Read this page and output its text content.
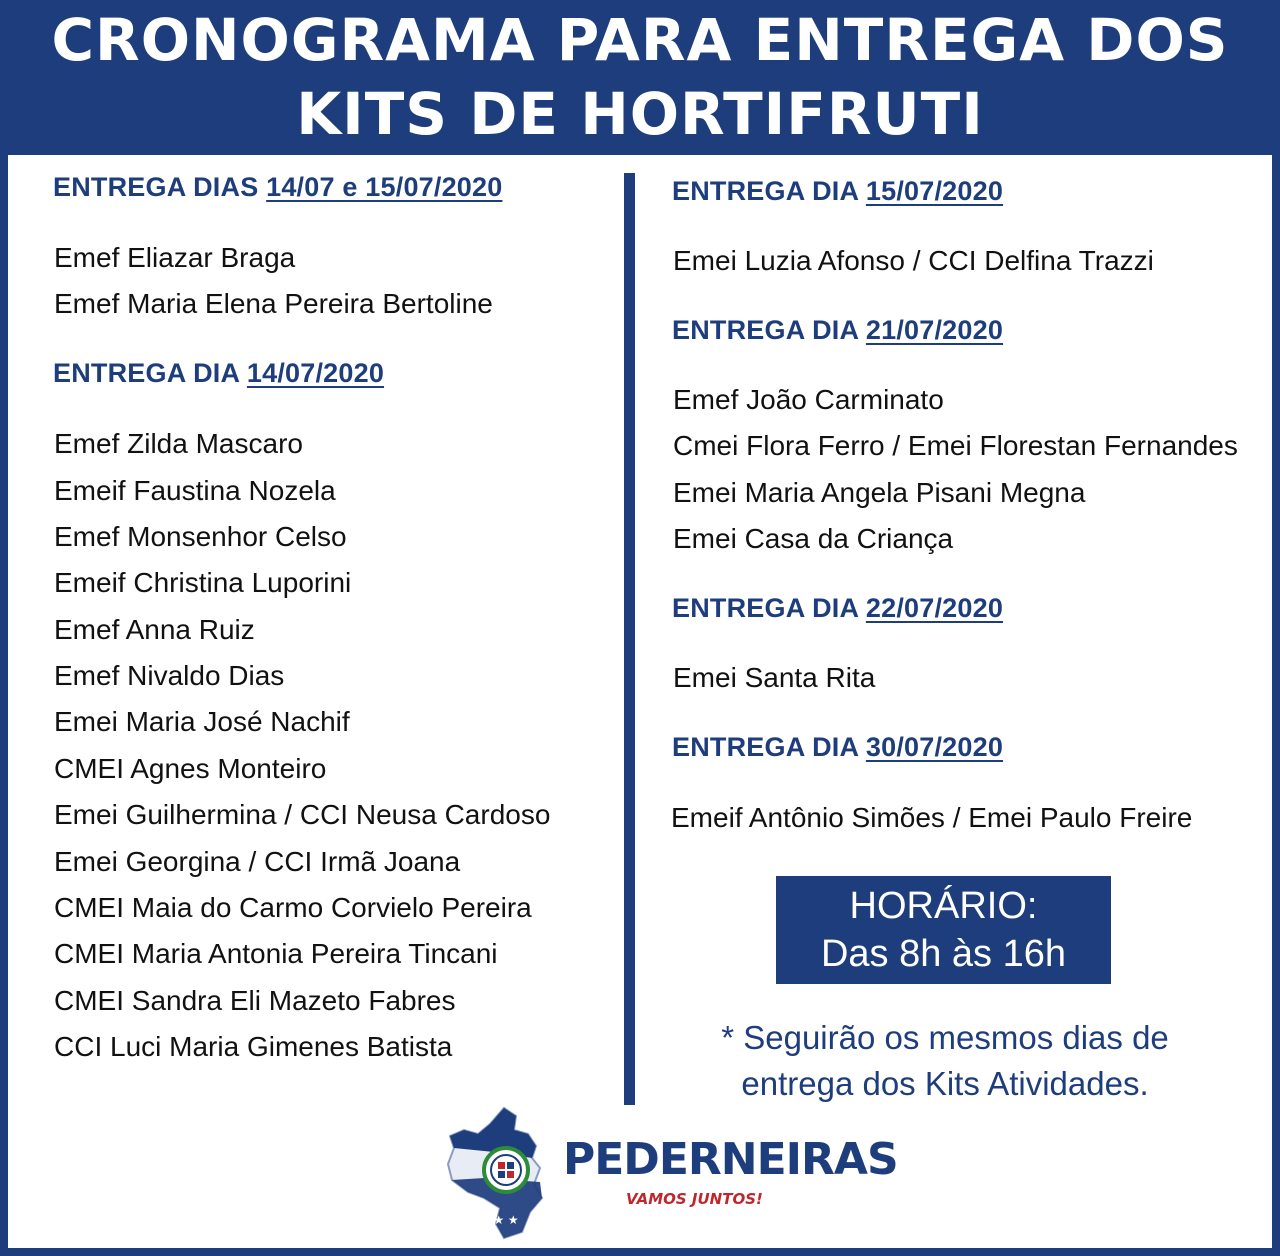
CRONOGRAMA PARA ENTREGA DOS
KITS DE HORTIFRUTI
ENTREGA DIAS 14/07 e 15/07/2020
Emef Eliazar Braga
Emef Maria Elena Pereira Bertoline
ENTREGA DIA 14/07/2020
Emef Zilda Mascaro
Emeif Faustina Nozela
Emef Monsenhor Celso
Emeif Christina Luporini
Emef Anna Ruiz
Emef Nivaldo Dias
Emei Maria José Nachif
CMEI Agnes Monteiro
Emei Guilhermina / CCI Neusa Cardoso
Emei Georgina / CCI Irmã Joana
CMEI Maia do Carmo Corvielo Pereira
CMEI Maria Antonia Pereira Tincani
CMEI Sandra Eli Mazeto Fabres
CCI Luci Maria Gimenes Batista
ENTREGA DIA 15/07/2020
Emei Luzia Afonso / CCI Delfina Trazzi
ENTREGA DIA 21/07/2020
Emef João Carminato
Cmei Flora Ferro / Emei Florestan Fernandes
Emei Maria Angela Pisani Megna
Emei Casa da Criança
ENTREGA DIA 22/07/2020
Emei Santa Rita
ENTREGA DIA 30/07/2020
Emeif Antônio Simões / Emei Paulo Freire
HORÁRIO:
Das 8h às 16h
* Seguirão os mesmos dias de
entrega dos Kits Atividades.
★ ★
PEDERNEIRAS
VAMOS JUNTOS!
